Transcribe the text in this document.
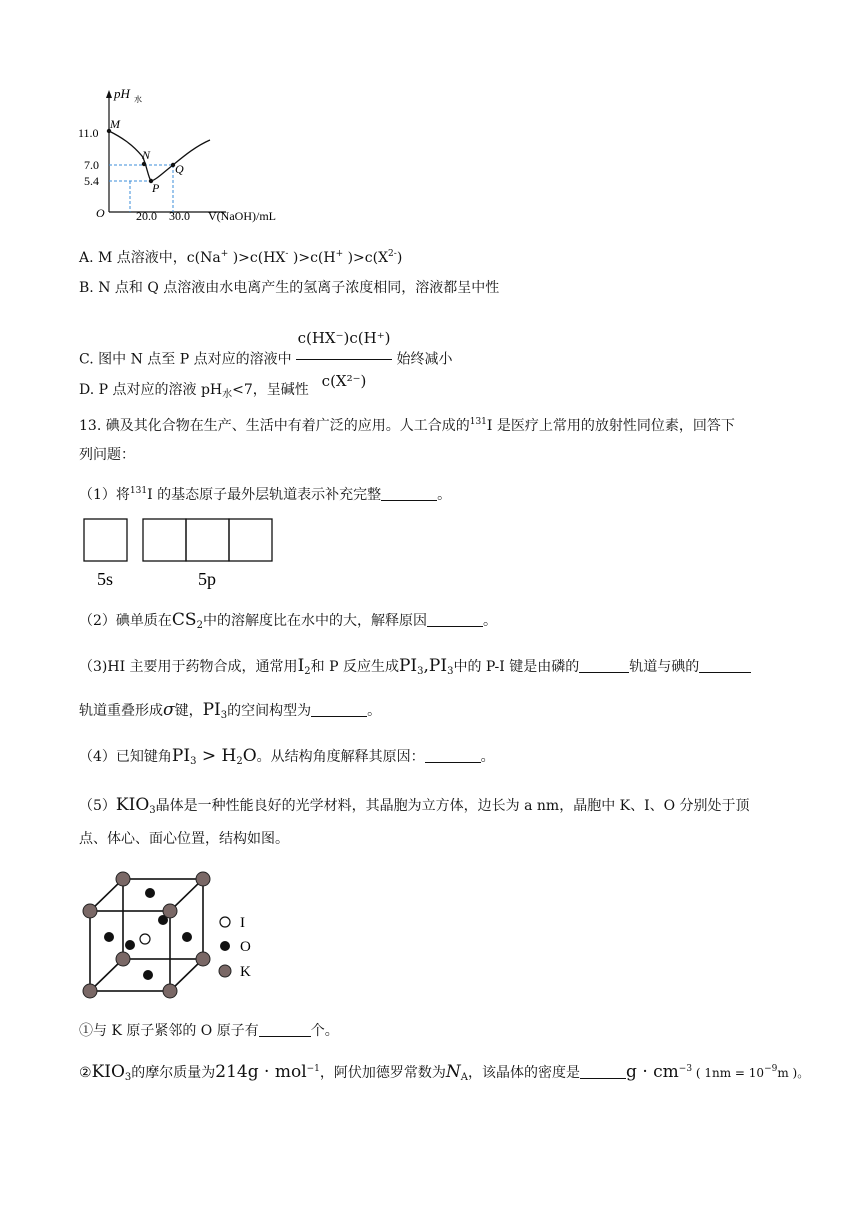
pH 水
11.0
7.0
5.4
O	20.0 30.0 V(NaOH)/mL
M
N
P
Q
A. M 点溶液中，c(Na+ )>c(HX- )>c(H+ )$>c(X^{2-})$
B. N 点和 Q 点溶液由水电离产生的氢离子浓度相同，溶液都呈中性
C. 图中 N 点至 P 点对应的溶液中 $\frac{c(HX^-)c(H^+)}{\text{c(X²⁻)}}$ 始终减小
D. P 点对应的溶液 $pH_水<7$，呈碱性
13. 碘及其化合物在生产、生活中有着广泛的应用。人工合成的$^{131}$I 是医疗上常用的放射性同位素，回答下
列问题：
（1）将$^{131}$I 的基态原子最外层轨道表示补充完整	。
5s	5p
（2）碘单质在$CS_2$中的溶解度比在水中的大，解释原因	。
（3)HI 主要用于药物合成，通常用$I_2$和 P 反应生成$PI_3,PI_3$中的 P-I 键是由磷的	轨道与碘的
轨道重叠形成σ键，$PI_3$的空间构型为	。
（4）已知键角$PI_3 > H_2O$。从结构角度解释其原因：	。
$(5)KIO_3$晶体是一种性能良好的光学材料，其晶胞为立方体，边长为 a nm，晶胞中 K、I、O 分别处于顶
点、体心、面心位置，结构如图。
I
O
K
①与 K 原子紧邻的 O 原子有	个。
$②KIO_3$的摩尔质量为214g · mol$^{-1}$，阿伏加德罗常数为$N_A$，该晶体的密度是	$g \cdot cm^{-3}$ ( $1nm = 10^{-9}m$ )。
